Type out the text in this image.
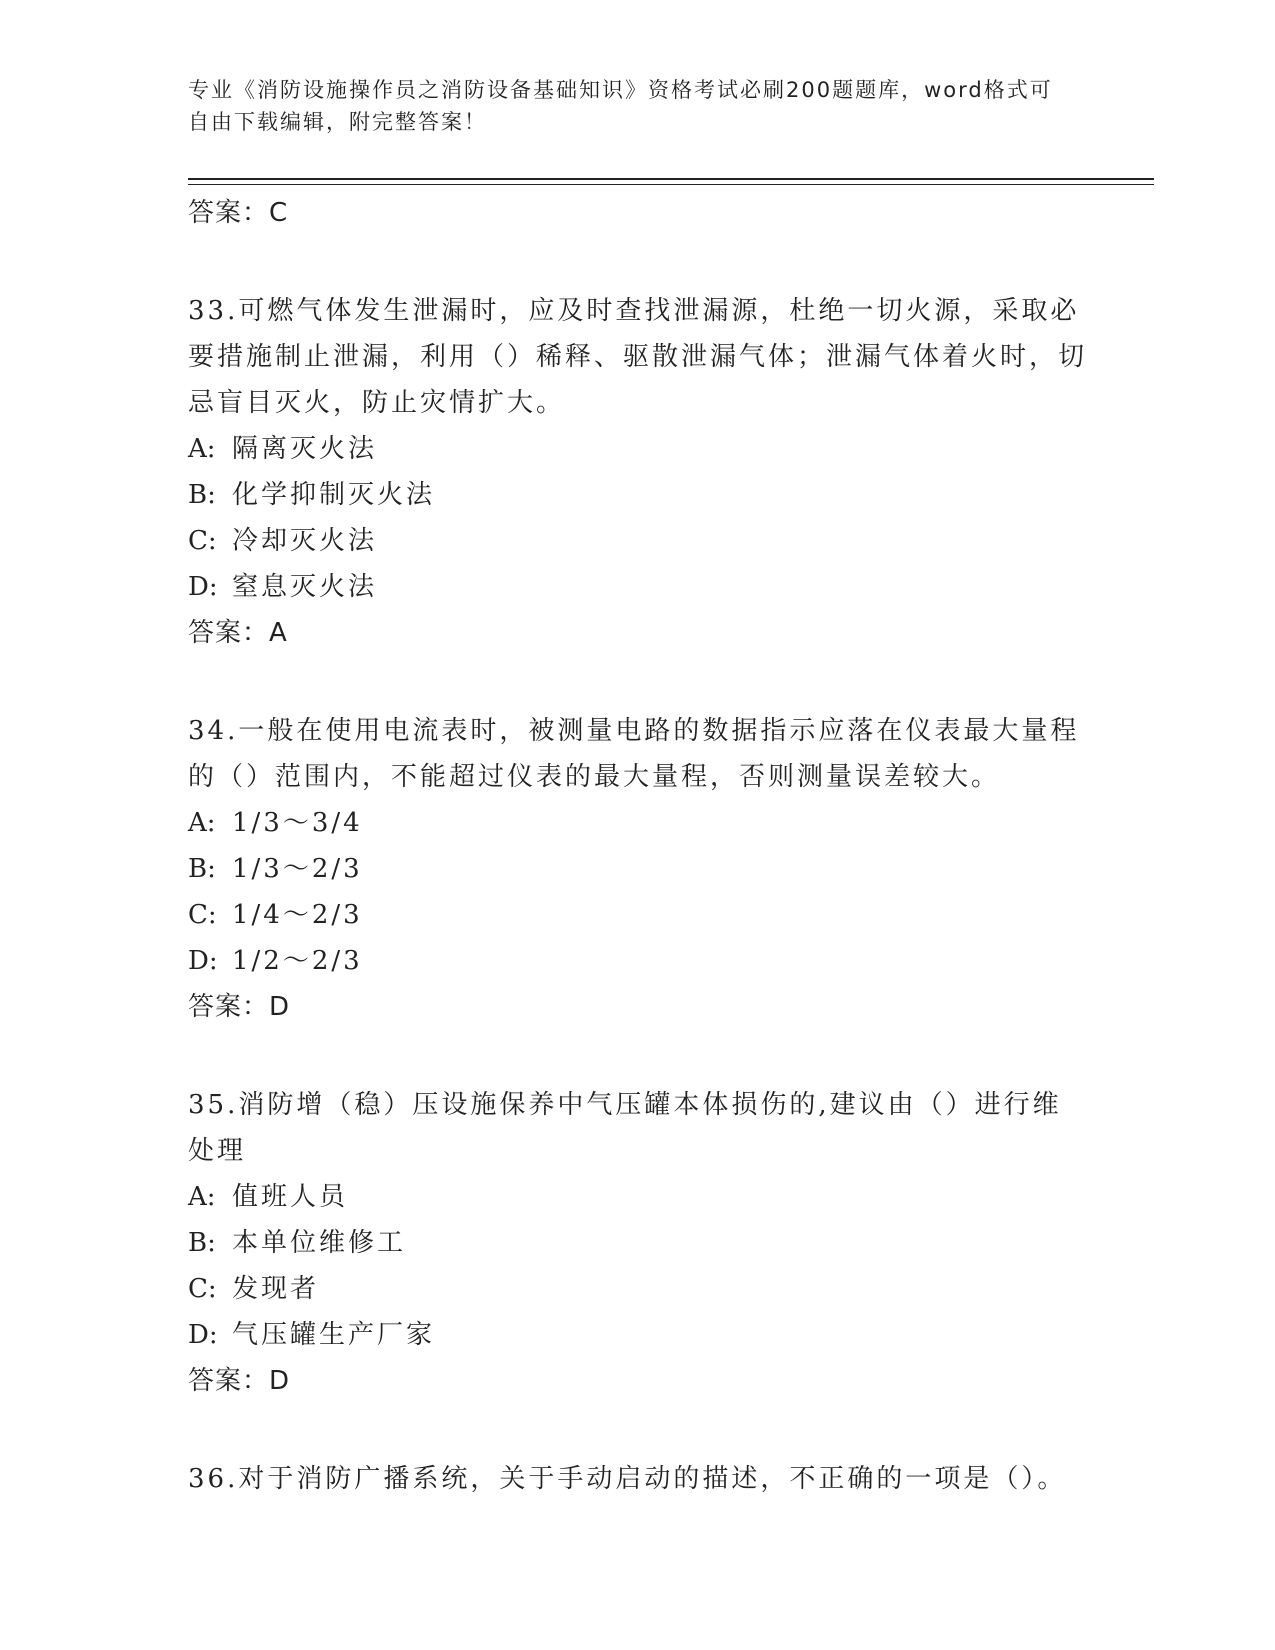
专业《消防设施操作员之消防设备基础知识》资格考试必刷200题题库，word格式可自由下载编辑，附完整答案！
答案：C
33.可燃气体发生泄漏时，应及时查找泄漏源，杜绝一切火源，采取必要措施制止泄漏，利用（）稀释、驱散泄漏气体；泄漏气体着火时，切忌盲目灭火，防止灾情扩大。
A: 隔离灭火法
B: 化学抑制灭火法
C: 冷却灭火法
D: 窒息灭火法
答案：A
34.一般在使用电流表时，被测量电路的数据指示应落在仪表最大量程的（）范围内，不能超过仪表的最大量程，否则测量误差较大。
A: 1/3～3/4
B: 1/3～2/3
C: 1/4～2/3
D: 1/2～2/3
答案：D
35.消防增（稳）压设施保养中气压罐本体损伤的,建议由（）进行维处理
A: 值班人员
B: 本单位维修工
C: 发现者
D: 气压罐生产厂家
答案：D
36.对于消防广播系统，关于手动启动的描述，不正确的一项是（）。
